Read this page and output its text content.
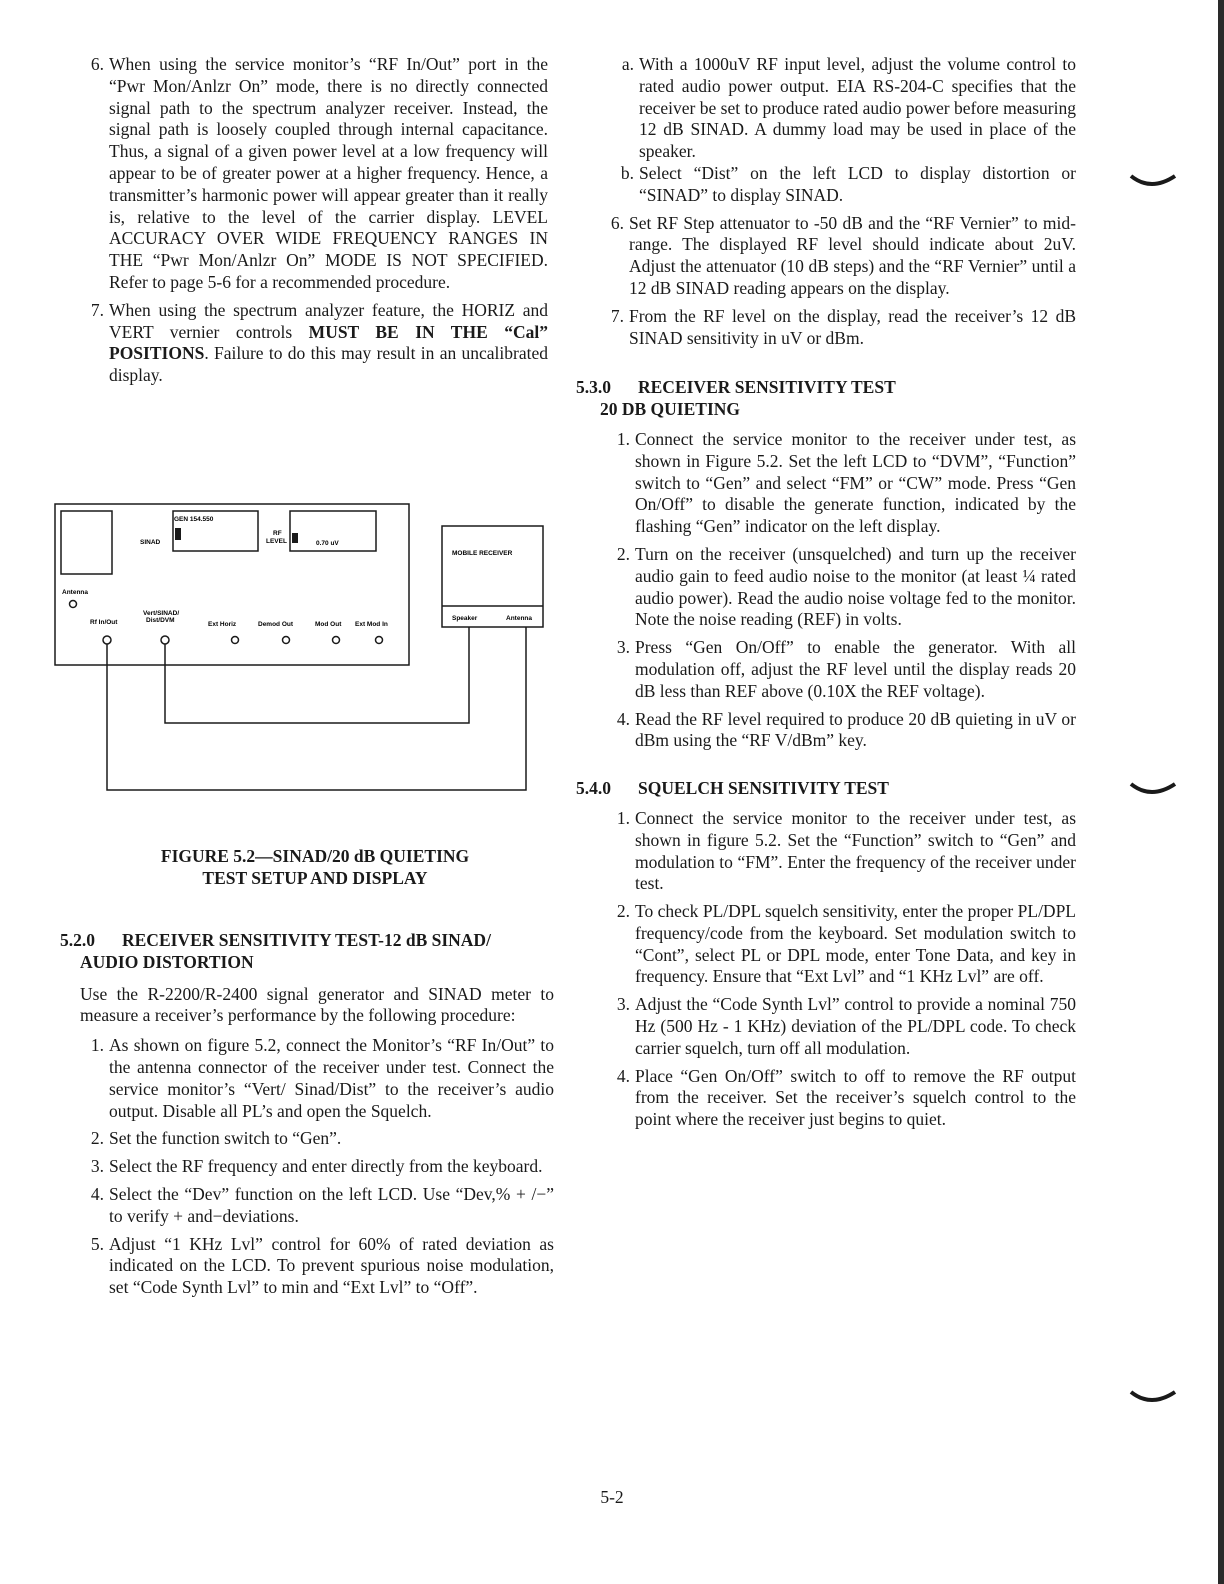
6. When using the service monitor’s “RF In/Out” port in the “Pwr Mon/Anlzr On” mode, there is no directly connected signal path to the spectrum analyzer receiver. Instead, the signal path is loosely coupled through internal capacitance. Thus, a signal of a given power level at a low frequency will appear to be of greater power at a higher frequency. Hence, a transmitter’s harmonic power will appear greater than it really is, relative to the level of the carrier display. LEVEL ACCURACY OVER WIDE FREQUENCY RANGES IN THE “Pwr Mon/Anlzr On” MODE IS NOT SPECIFIED. Refer to page 5-6 for a recommended procedure.
7. When using the spectrum analyzer feature, the HORIZ and VERT vernier controls MUST BE IN THE “Cal” POSITIONS. Failure to do this may result in an uncalibrated display.
GEN 154.550
SINAD
RF
LEVEL	0.70 uV
Antenna
Vert/SINAD/
Dist/DVM
Rf In/Out	Ext Horiz	Demod Out	Mod Out Ext Mod In
MOBILE RECEIVER
Speaker	Antenna
FIGURE 5.2—SINAD/20 dB QUIETING
TEST SETUP AND DISPLAY
5.2.0 RECEIVER SENSITIVITY TEST-12 dB SINAD/
AUDIO DISTORTION

Use the R-2200/R-2400 signal generator and SINAD meter to measure a receiver’s performance by the following procedure:

1. As shown on figure 5.2, connect the Monitor’s “RF In/Out” to the antenna connector of the receiver under test. Connect the service monitor’s “Vert/ Sinad/Dist” to the receiver’s audio output. Disable all PL’s and open the Squelch.
2. Set the function switch to “Gen”.
3. Select the RF frequency and enter directly from the keyboard.
4. Select the “Dev” function on the left LCD. Use “Dev,% + /−” to verify + and−deviations.
5. Adjust “1 KHz Lvl” control for 60% of rated deviation as indicated on the LCD. To prevent spurious noise modulation, set “Code Synth Lvl” to min and “Ext Lvl” to “Off”.
a. With a 1000uV RF input level, adjust the volume control to rated audio power output. EIA RS-204-C specifies that the receiver be set to produce rated audio power before measuring 12 dB SINAD. A dummy load may be used in place of the speaker.
b. Select “Dist” on the left LCD to display distortion or “SINAD” to display SINAD.
6. Set RF Step attenuator to -50 dB and the “RF Vernier” to mid-range. The displayed RF level should indicate about 2uV. Adjust the attenuator (10 dB steps) and the “RF Vernier” until a 12 dB SINAD reading appears on the display.
7. From the RF level on the display, read the receiver’s 12 dB SINAD sensitivity in uV or dBm.
5.3.0 RECEIVER SENSITIVITY TEST
20 DB QUIETING
1. Connect the service monitor to the receiver under test, as shown in Figure 5.2. Set the left LCD to “DVM”, “Function” switch to “Gen” and select “FM” or “CW” mode. Press “Gen On/Off” to disable the generate function, indicated by the flashing “Gen” indicator on the left display.
2. Turn on the receiver (unsquelched) and turn up the receiver audio gain to feed audio noise to the monitor (at least ¼ rated audio power). Read the audio noise voltage fed to the monitor. Note the noise reading (REF) in volts.
3. Press “Gen On/Off” to enable the generator. With all modulation off, adjust the RF level until the display reads 20 dB less than REF above (0.10X the REF voltage).
4. Read the RF level required to produce 20 dB quieting in uV or dBm using the “RF V/dBm” key.
5.4.0 SQUELCH SENSITIVITY TEST
1. Connect the service monitor to the receiver under test, as shown in figure 5.2. Set the “Function” switch to “Gen” and modulation to “FM”. Enter the frequency of the receiver under test.
2. To check PL/DPL squelch sensitivity, enter the proper PL/DPL frequency/code from the keyboard. Set modulation switch to “Cont”, select PL or DPL mode, enter Tone Data, and key in frequency. Ensure that “Ext Lvl” and “1 KHz Lvl” are off.
3. Adjust the “Code Synth Lvl” control to provide a nominal 750 Hz (500 Hz - 1 KHz) deviation of the PL/DPL code. To check carrier squelch, turn off all modulation.
4. Place “Gen On/Off” switch to off to remove the RF output from the receiver. Set the receiver’s squelch control to the point where the receiver just begins to quiet.
5-2
